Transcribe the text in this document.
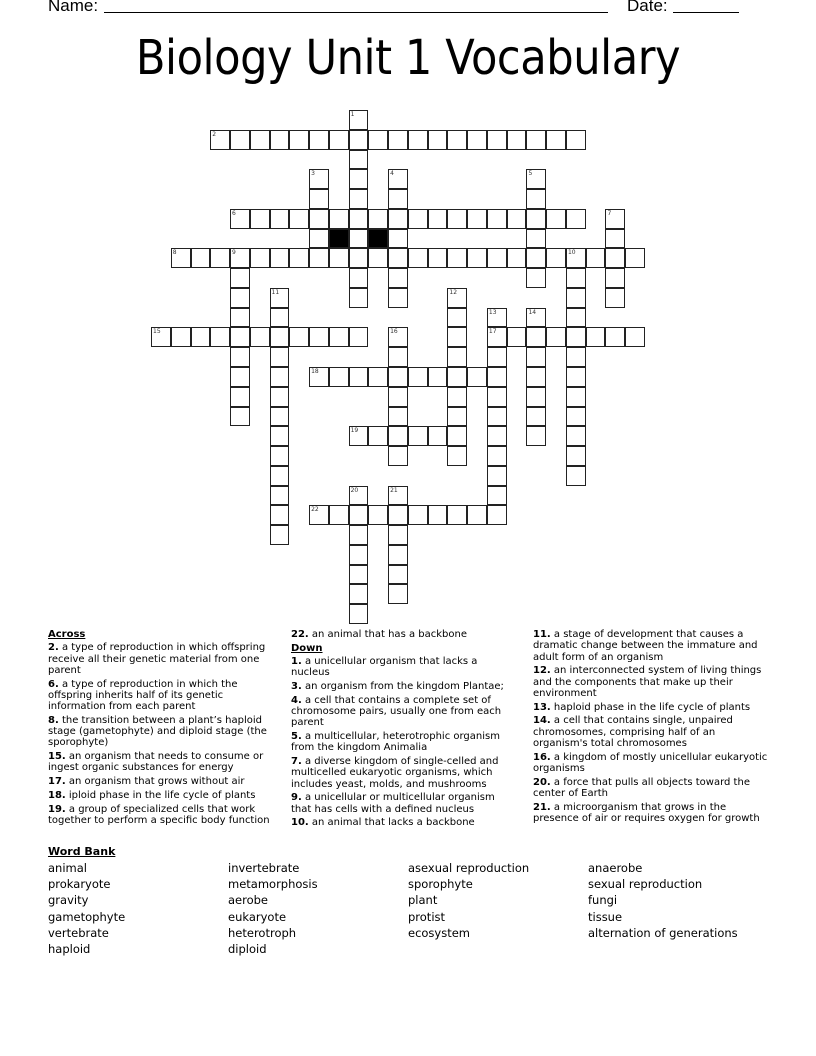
Name:	Date:
Biology Unit 1 Vocabulary
2
6
8	9	10
15	17
18
19
22
1
3	4	5
7
11	12
13	14
16
20	21
Across
2. a type of reproduction in which offspring receive all their genetic material from one parent
6. a type of reproduction in which the offspring inherits half of its genetic information from each parent
8. the transition between a plant’s haploid stage (gametophyte) and diploid stage (the sporophyte)
15. an organism that needs to consume or ingest organic substances for energy
17. an organism that grows without air
18. iploid phase in the life cycle of plants
19. a group of specialized cells that work together to perform a specific body function
22. an animal that has a backbone
Down
1. a unicellular organism that lacks a nucleus
3. an organism from the kingdom Plantae;
4. a cell that contains a complete set of chromosome pairs, usually one from each parent
5. a multicellular, heterotrophic organism from the kingdom Animalia
7. a diverse kingdom of single-celled and multicelled eukaryotic organisms, which includes yeast, molds, and mushrooms
9. a unicellular or multicellular organism that has cells with a defined nucleus
10. an animal that lacks a backbone
11. a stage of development that causes a dramatic change between the immature and adult form of an organism
12. an interconnected system of living things and the components that make up their environment
13. haploid phase in the life cycle of plants
14. a cell that contains single, unpaired chromosomes, comprising half of an organism's total chromosomes
16. a kingdom of mostly unicellular eukaryotic organisms
20. a force that pulls all objects toward the center of Earth
21. a microorganism that grows in the presence of air or requires oxygen for growth
Word Bank
animal
prokaryote
gravity
gametophyte
vertebrate
haploid
invertebrate
metamorphosis
aerobe
eukaryote
heterotroph
diploid
asexual reproduction
sporophyte
plant
protist
ecosystem
anaerobe
sexual reproduction
fungi
tissue
alternation of generations
